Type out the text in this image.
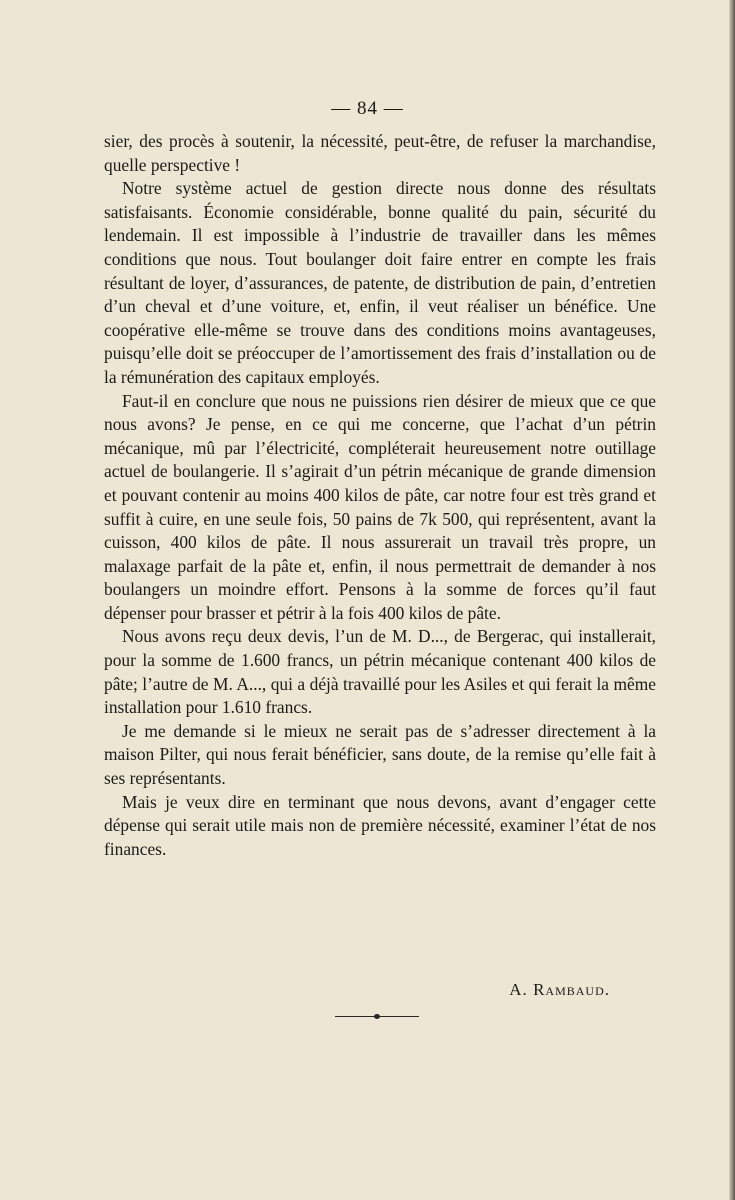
— 84 —

sier, des procès à soutenir, la nécessité, peut-être, de refuser la marchandise, quelle perspective !

Notre système actuel de gestion directe nous donne des résultats satisfaisants. Économie considérable, bonne qualité du pain, sécurité du lendemain. Il est impossible à l’industrie de travailler dans les mêmes conditions que nous. Tout boulanger doit faire entrer en compte les frais résultant de loyer, d’assurances, de patente, de distribution de pain, d’entretien d’un cheval et d’une voiture, et, enfin, il veut réaliser un bénéfice. Une coopérative elle-même se trouve dans des conditions moins avantageuses, puisqu’elle doit se préoccuper de l’amortissement des frais d’installation ou de la rémunération des capitaux employés.

Faut-il en conclure que nous ne puissions rien désirer de mieux que ce que nous avons? Je pense, en ce qui me concerne, que l’achat d’un pétrin mécanique, mû par l’électricité, compléterait heureusement notre outillage actuel de boulangerie. Il s’agirait d’un pétrin mécanique de grande dimension et pouvant contenir au moins 400 kilos de pâte, car notre four est très grand et suffit à cuire, en une seule fois, 50 pains de 7k 500, qui représentent, avant la cuisson, 400 kilos de pâte. Il nous assurerait un travail très propre, un malaxage parfait de la pâte et, enfin, il nous permettrait de demander à nos boulangers un moindre effort. Pensons à la somme de forces qu’il faut dépenser pour brasser et pétrir à la fois 400 kilos de pâte.

Nous avons reçu deux devis, l’un de M. D..., de Bergerac, qui installerait, pour la somme de 1.600 francs, un pétrin mécanique contenant 400 kilos de pâte; l’autre de M. A..., qui a déjà travaillé pour les Asiles et qui ferait la même installation pour 1.610 francs.

Je me demande si le mieux ne serait pas de s’adresser directement à la maison Pilter, qui nous ferait bénéficier, sans doute, de la remise qu’elle fait à ses représentants.

Mais je veux dire en terminant que nous devons, avant d’engager cette dépense qui serait utile mais non de première nécessité, examiner l’état de nos finances.

A. Rambaud.
